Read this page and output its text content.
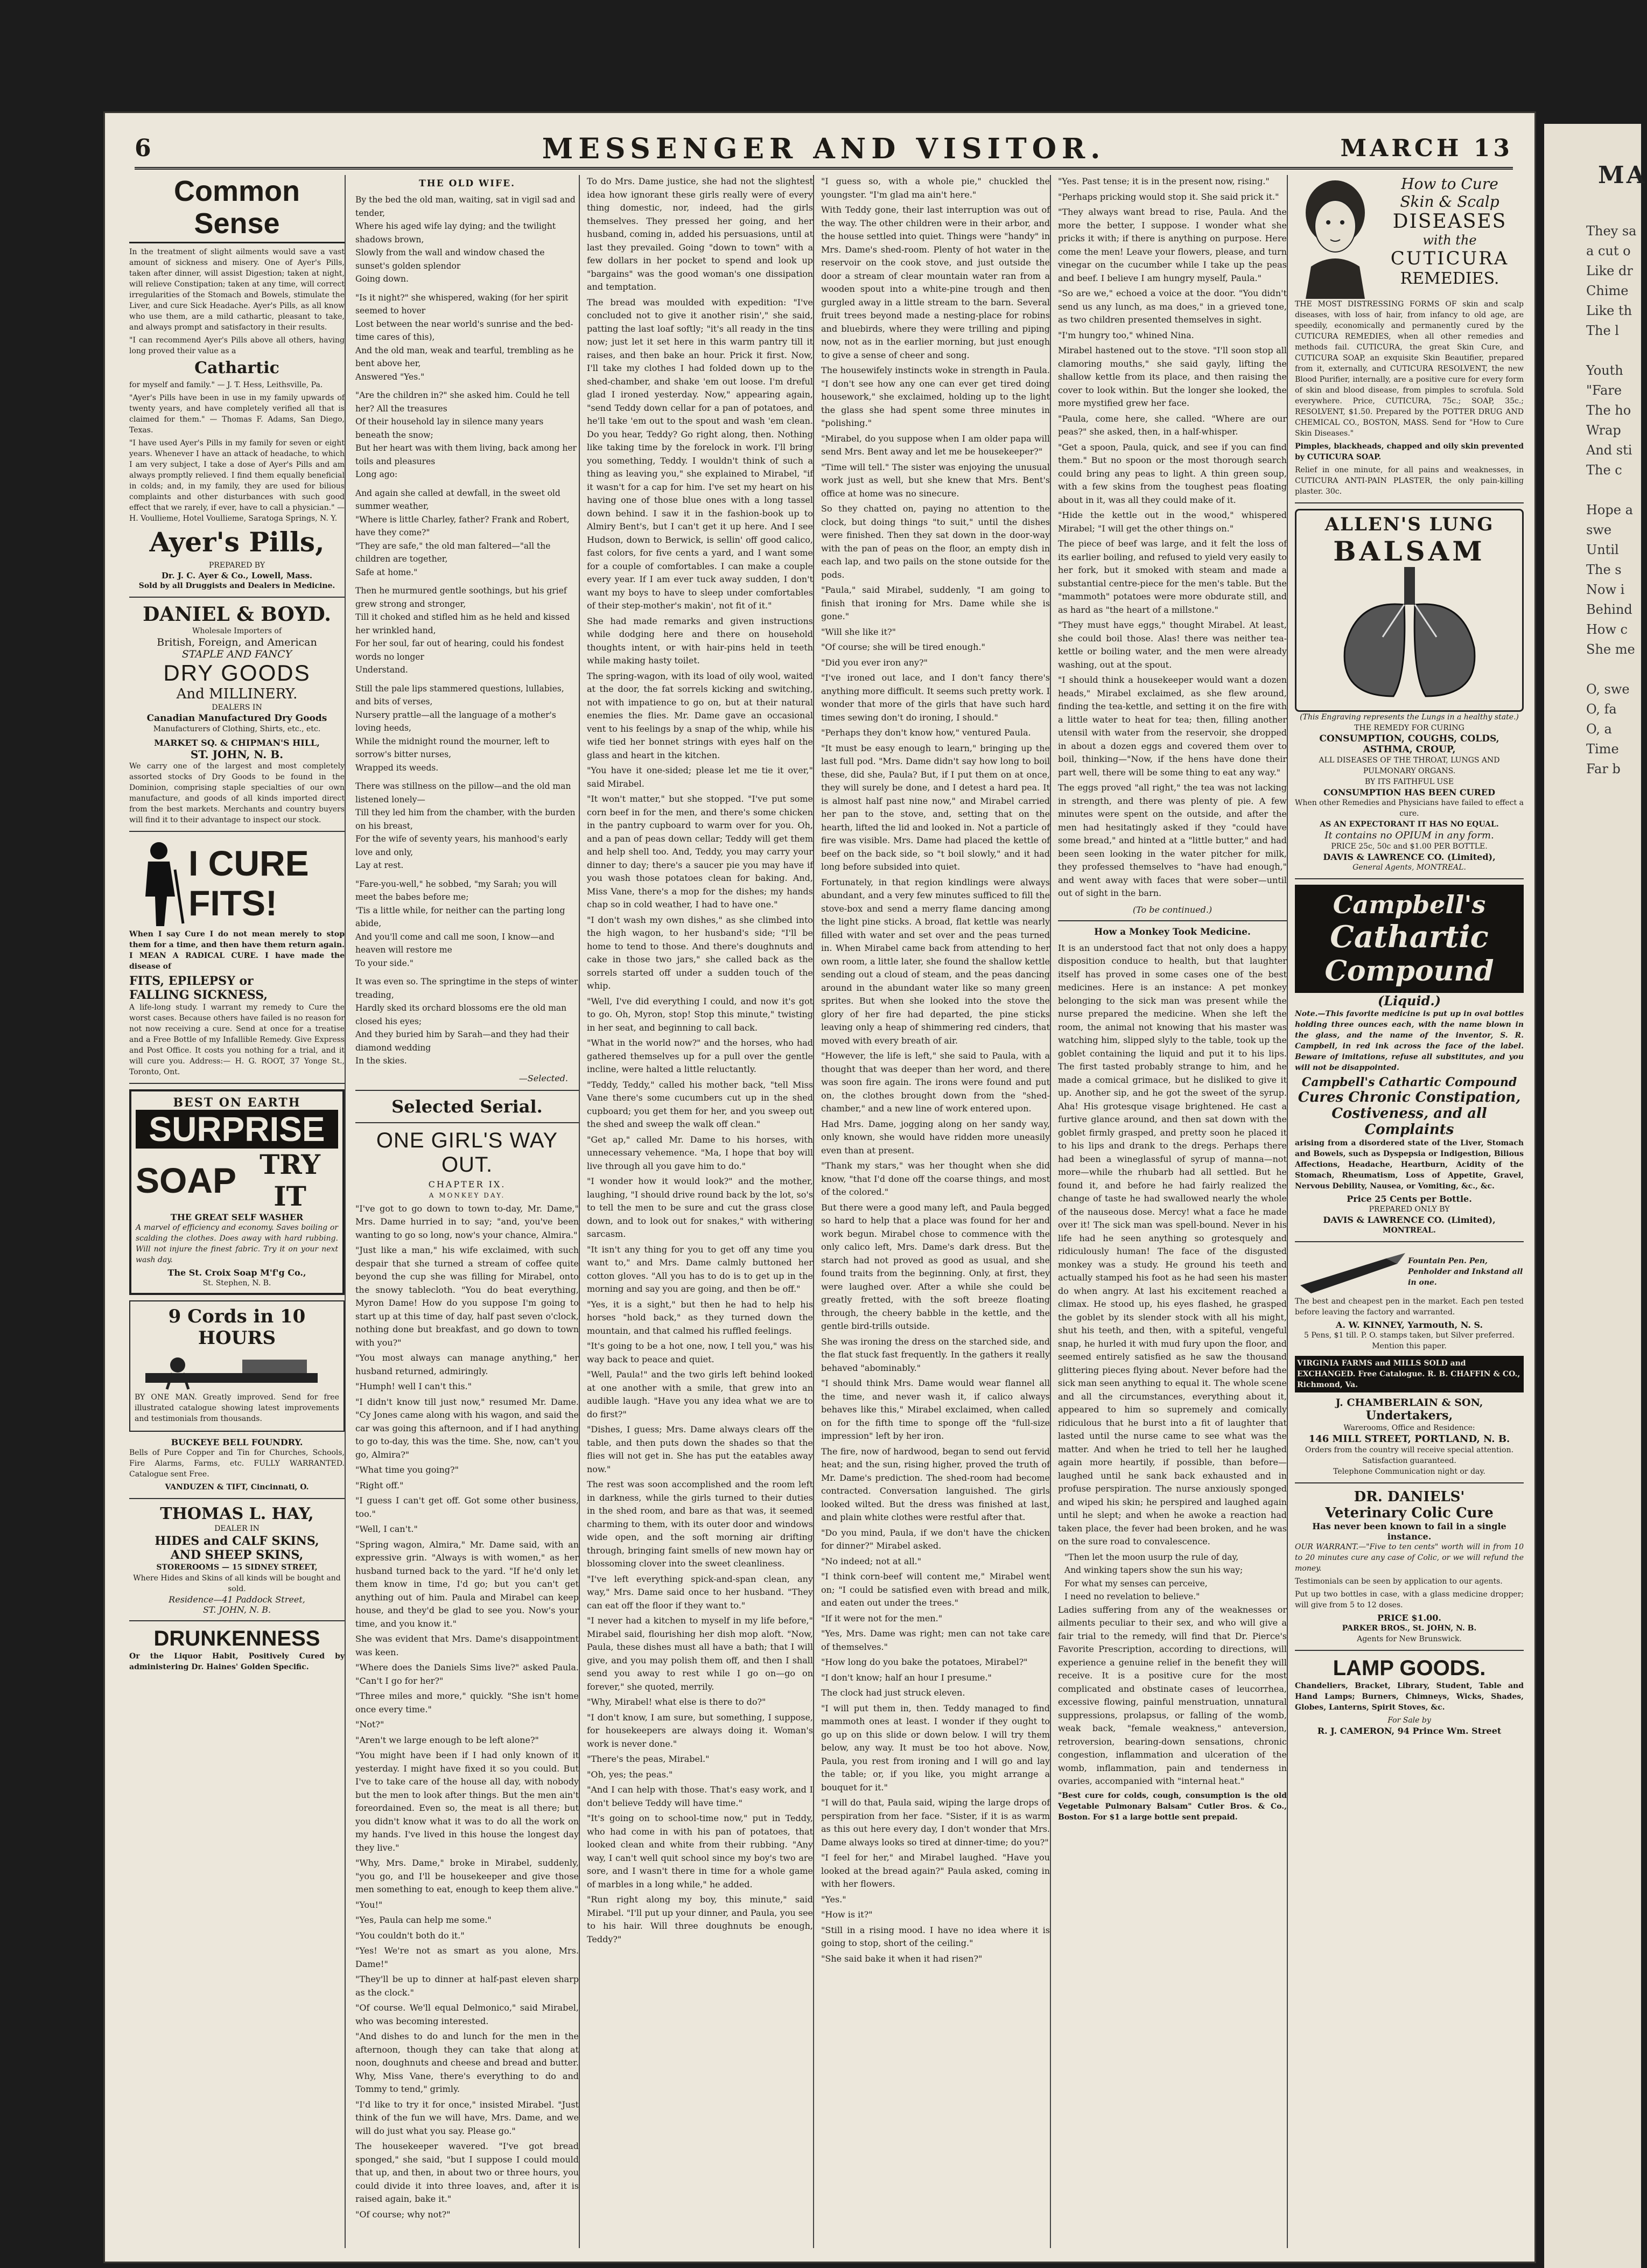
6	MESSENGER AND VISITOR.	MARCH 13
Common Sense

In the treatment of slight ailments would save a vast amount of sickness and misery. One of Ayer's Pills, taken after dinner, will assist Digestion; taken at night, will relieve Constipation; taken at any time, will correct irregularities of the Stomach and Bowels, stimulate the Liver, and cure Sick Headache. Ayer's Pills, as all know who use them, are a mild cathartic, pleasant to take, and always prompt and satisfactory in their results.

"I can recommend Ayer's Pills above all others, having long proved their value as a

Cathartic

for myself and family." — J. T. Hess, Leithsville, Pa.

"Ayer's Pills have been in use in my family upwards of twenty years, and have completely verified all that is claimed for them." — Thomas F. Adams, San Diego, Texas.

"I have used Ayer's Pills in my family for seven or eight years. Whenever I have an attack of headache, to which I am very subject, I take a dose of Ayer's Pills and am always promptly relieved. I find them equally beneficial in colds; and, in my family, they are used for bilious complaints and other disturbances with such good effect that we rarely, if ever, have to call a physician." — H. Voullieme, Hotel Voullieme, Saratoga Springs, N. Y.

Ayer's Pills,
PREPARED BY
Dr. J. C. Ayer & Co., Lowell, Mass.
Sold by all Druggists and Dealers in Medicine.
DANIEL & BOYD.
Wholesale Importers of
British, Foreign, and American
STAPLE AND FANCY
DRY GOODS
And MILLINERY.
DEALERS IN
Canadian Manufactured Dry Goods
Manufacturers of Clothing, Shirts, etc., etc.
MARKET SQ. & CHIPMAN'S HILL,
ST. JOHN, N. B.

We carry one of the largest and most completely assorted stocks of Dry Goods to be found in the Dominion, comprising staple specialties of our own manufacture, and goods of all kinds imported direct from the best markets. Merchants and country buyers will find it to their advantage to inspect our stock.

I CURE FITS!

When I say Cure I do not mean merely to stop them for a time, and then have them return again. I MEAN A RADICAL CURE. I have made the disease of

FITS, EPILEPSY or
FALLING SICKNESS,

A life-long study. I warrant my remedy to Cure the worst cases. Because others have failed is no reason for not now receiving a cure. Send at once for a treatise and a Free Bottle of my Infallible Remedy. Give Express and Post Office. It costs you nothing for a trial, and it will cure you. Address:— H. G. ROOT, 37 Yonge St., Toronto, Ont.

BEST ON EARTH
SURPRISE
SOAP TRY IT
THE GREAT SELF WASHER

A marvel of efficiency and economy. Saves boiling or scalding the clothes. Does away with hard rubbing. Will not injure the finest fabric. Try it on your next wash day.

The St. Croix Soap M'f'g Co.,
St. Stephen, N. B.
9 Cords in 10 HOURS

BY ONE MAN. Greatly improved. Send for free illustrated catalogue showing latest improvements and testimonials from thousands.

BUCKEYE BELL FOUNDRY.

Bells of Pure Copper and Tin for Churches, Schools, Fire Alarms, Farms, etc. FULLY WARRANTED. Catalogue sent Free.

VANDUZEN & TIFT, Cincinnati, O.
THOMAS L. HAY,
DEALER IN
HIDES and CALF SKINS,
AND SHEEP SKINS,
STOREROOMS — 15 SIDNEY STREET,
Where Hides and Skins of all kinds will be bought and sold.
Residence—41 Paddock Street,
ST. JOHN, N. B.
DRUNKENNESS

Or the Liquor Habit, Positively Cured by administering Dr. Haines' Golden Specific.

THE OLD WIFE.

By the bed the old man, waiting, sat in vigil sad and tender,
Where his aged wife lay dying; and the twilight shadows brown,
Slowly from the wall and window chased the sunset's golden splendor
Going down.

"Is it night?" she whispered, waking (for her spirit seemed to hover
Lost between the near world's sunrise and the bed-time cares of this),
And the old man, weak and tearful, trembling as he bent above her,
Answered "Yes."

"Are the children in?" she asked him. Could he tell her? All the treasures
Of their household lay in silence many years beneath the snow;
But her heart was with them living, back among her toils and pleasures
Long ago:

And again she called at dewfall, in the sweet old summer weather,
"Where is little Charley, father? Frank and Robert, have they come?"
"They are safe," the old man faltered—"all the children are together,
Safe at home."

Then he murmured gentle soothings, but his grief grew strong and stronger,
Till it choked and stifled him as he held and kissed her wrinkled hand,
For her soul, far out of hearing, could his fondest words no longer
Understand.

Still the pale lips stammered questions, lullabies, and bits of verses,
Nursery prattle—all the language of a mother's loving heeds,
While the midnight round the mourner, left to sorrow's bitter nurses,
Wrapped its weeds.

There was stillness on the pillow—and the old man listened lonely—
Till they led him from the chamber, with the burden on his breast,
For the wife of seventy years, his manhood's early love and only,
Lay at rest.

"Fare-you-well," he sobbed, "my Sarah; you will meet the babes before me;
'Tis a little while, for neither can the parting long abide,
And you'll come and call me soon, I know—and heaven will restore me
To your side."

It was even so. The springtime in the steps of winter treading,
Hardly sked its orchard blossoms ere the old man closed his eyes;
And they buried him by Sarah—and they had their diamond wedding
In the skies.

—Selected.
Selected Serial.
ONE GIRL'S WAY OUT.
CHAPTER IX.
A MONKEY DAY.

"I've got to go down to town to-day, Mr. Dame," Mrs. Dame hurried in to say; "and, you've been wanting to go so long, now's your chance, Almira."

"Just like a man," his wife exclaimed, with such despair that she turned a stream of coffee quite beyond the cup she was filling for Mirabel, onto the snowy tablecloth. "You do beat everything, Myron Dame! How do you suppose I'm going to start up at this time of day, half past seven o'clock, nothing done but breakfast, and go down to town with you?"

"You most always can manage anything," her husband returned, admiringly.

"Humph! well I can't this."

"I didn't know till just now," resumed Mr. Dame. "Cy Jones came along with his wagon, and said the car was going this afternoon, and if I had anything to go to-day, this was the time. She, now, can't you go, Almira?"

"What time you going?"

"Right off."

"I guess I can't get off. Got some other business, too."

"Well, I can't."

"Spring wagon, Almira," Mr. Dame said, with an expressive grin. "Always is with women," as her husband turned back to the yard. "If he'd only let them know in time, I'd go; but you can't get anything out of him. Paula and Mirabel can keep house, and they'd be glad to see you. Now's your time, and you know it."

She was evident that Mrs. Dame's disappointment was keen.

"Where does the Daniels Sims live?" asked Paula. "Can't I go for her?"

"Three miles and more," quickly. "She isn't home once every time."

"Not?"

"Aren't we large enough to be left alone?"

"You might have been if I had only known of it yesterday. I might have fixed it so you could. But I've to take care of the house all day, with nobody but the men to look after things. But the men ain't foreordained. Even so, the meat is all there; but you didn't know what it was to do all the work on my hands. I've lived in this house the longest day they live."

"Why, Mrs. Dame," broke in Mirabel, suddenly, "you go, and I'll be housekeeper and give those men something to eat, enough to keep them alive."

"You!"

"Yes, Paula can help me some."

"You couldn't both do it."

"Yes! We're not as smart as you alone, Mrs. Dame!"

"They'll be up to dinner at half-past eleven sharp as the clock."

"Of course. We'll equal Delmonico," said Mirabel, who was becoming interested.

"And dishes to do and lunch for the men in the afternoon, though they can take that along at noon, doughnuts and cheese and bread and butter. Why, Miss Vane, there's everything to do and Tommy to tend," grimly.

"I'd like to try it for once," insisted Mirabel. "Just think of the fun we will have, Mrs. Dame, and we will do just what you say. Please go."

The housekeeper wavered. "I've got bread sponged," she said, "but I suppose I could mould that up, and then, in about two or three hours, you could divide it into three loaves, and, after it is raised again, bake it."

"Of course; why not?"

To do Mrs. Dame justice, she had not the slightest idea how ignorant these girls really were of every thing domestic, nor, indeed, had the girls themselves. They pressed her going, and her husband, coming in, added his persuasions, until at last they prevailed. Going "down to town" with a few dollars in her pocket to spend and look up "bargains" was the good woman's one dissipation and temptation.

The bread was moulded with expedition: "I've concluded not to give it another risin'," she said, patting the last loaf softly; "it's all ready in the tins now; just let it set here in this warm pantry till it raises, and then bake an hour. Prick it first. Now, I'll take my clothes I had folded down up to the shed-chamber, and shake 'em out loose. I'm dreful glad I ironed yesterday. Now," appearing again, "send Teddy down cellar for a pan of potatoes, and he'll take 'em out to the spout and wash 'em clean. Do you hear, Teddy? Go right along, then. Nothing like taking time by the forelock in work. I'll bring you something, Teddy. I wouldn't think of such a thing as leaving you," she explained to Mirabel, "if it wasn't for a cap for him. I've set my heart on his having one of those blue ones with a long tassel down behind. I saw it in the fashion-book up to Almiry Bent's, but I can't get it up here. And I see Hudson, down to Berwick, is sellin' off good calico, fast colors, for five cents a yard, and I want some for a couple of comfortables. I can make a couple every year. If I am ever tuck away sudden, I don't want my boys to have to sleep under comfortables of their step-mother's makin', not fit of it."

She had made remarks and given instructions while dodging here and there on household thoughts intent, or with hair-pins held in teeth while making hasty toilet.

The spring-wagon, with its load of oily wool, waited at the door, the fat sorrels kicking and switching, not with impatience to go on, but at their natural enemies the flies. Mr. Dame gave an occasional vent to his feelings by a snap of the whip, while his wife tied her bonnet strings with eyes half on the glass and heart in the kitchen.

"You have it one-sided; please let me tie it over," said Mirabel.

"It won't matter," but she stopped. "I've put some corn beef in for the men, and there's some chicken in the pantry cupboard to warm over for you. Oh, and a pan of peas down cellar; Teddy will get them and help shell too. And, Teddy, you may carry your dinner to day; there's a saucer pie you may have if you wash those potatoes clean for baking. And, Miss Vane, there's a mop for the dishes; my hands chap so in cold weather, I had to have one."

"I don't wash my own dishes," as she climbed into the high wagon, to her husband's side; "I'll be home to tend to those. And there's doughnuts and cake in those two jars," she called back as the sorrels started off under a sudden touch of the whip.

"Well, I've did everything I could, and now it's got to go. Oh, Myron, stop! Stop this minute," twisting in her seat, and beginning to call back.

"What in the world now?" and the horses, who had gathered themselves up for a pull over the gentle incline, were halted a little reluctantly.

"Teddy, Teddy," called his mother back, "tell Miss Vane there's some cucumbers cut up in the shed cupboard; you get them for her, and you sweep out the shed and sweep the walk off clean."

"Get ap," called Mr. Dame to his horses, with unnecessary vehemence. "Ma, I hope that boy will live through all you gave him to do."

"I wonder how it would look?" and the mother, laughing, "I should drive round back by the lot, so's to tell the men to be sure and cut the grass close down, and to look out for snakes," with withering sarcasm.

"It isn't any thing for you to get off any time you want to," and Mrs. Dame calmly buttoned her cotton gloves. "All you has to do is to get up in the morning and say you are going, and then be off."

"Yes, it is a sight," but then he had to help his horses "hold back," as they turned down the mountain, and that calmed his ruffled feelings.

"It's going to be a hot one, now, I tell you," was his way back to peace and quiet.

"Well, Paula!" and the two girls left behind looked at one another with a smile, that grew into an audible laugh. "Have you any idea what we are to do first?"

"Dishes, I guess; Mrs. Dame always clears off the table, and then puts down the shades so that the flies will not get in. She has put the eatables away now."

The rest was soon accomplished and the room left in darkness, while the girls turned to their duties in the shed room, and bare as that was, it seemed charming to them, with its outer door and windows wide open, and the soft morning air drifting through, bringing faint smells of new mown hay or blossoming clover into the sweet cleanliness.

"I've left everything spick-and-span clean, any way," Mrs. Dame said once to her husband. "They can eat off the floor if they want to."

"I never had a kitchen to myself in my life before," Mirabel said, flourishing her dish mop aloft. "Now, Paula, these dishes must all have a bath; that I will give, and you may polish them off, and then I shall send you away to rest while I go on—go on forever," she quoted, merrily.

"Why, Mirabel! what else is there to do?"

"I don't know, I am sure, but something, I suppose, for housekeepers are always doing it. Woman's work is never done."

"There's the peas, Mirabel."

"Oh, yes; the peas."

"And I can help with those. That's easy work, and I don't believe Teddy will have time."

"It's going on to school-time now," put in Teddy, who had come in with his pan of potatoes, that looked clean and white from their rubbing. "Any way, I can't well quit school since my boy's two are sore, and I wasn't there in time for a whole game of marbles in a long while," he added.

"Run right along my boy, this minute," said Mirabel. "I'll put up your dinner, and Paula, you see to his hair. Will three doughnuts be enough, Teddy?"

"I guess so, with a whole pie," chuckled the youngster. "I'm glad ma ain't here."

With Teddy gone, their last interruption was out of the way. The other children were in their arbor, and the house settled into quiet. Things were "handy" in Mrs. Dame's shed-room. Plenty of hot water in the reservoir on the cook stove, and just outside the door a stream of clear mountain water ran from a wooden spout into a white-pine trough and then gurgled away in a little stream to the barn. Several fruit trees beyond made a nesting-place for robins and bluebirds, where they were trilling and piping now, not as in the earlier morning, but just enough to give a sense of cheer and song.

The housewifely instincts woke in strength in Paula. "I don't see how any one can ever get tired doing housework," she exclaimed, holding up to the light the glass she had spent some three minutes in "polishing."

"Mirabel, do you suppose when I am older papa will send Mrs. Bent away and let me be housekeeper?"

"Time will tell." The sister was enjoying the unusual work just as well, but she knew that Mrs. Bent's office at home was no sinecure.

So they chatted on, paying no attention to the clock, but doing things "to suit," until the dishes were finished. Then they sat down in the door-way with the pan of peas on the floor, an empty dish in each lap, and two pails on the stone outside for the pods.

"Paula," said Mirabel, suddenly, "I am going to finish that ironing for Mrs. Dame while she is gone."

"Will she like it?"

"Of course; she will be tired enough."

"Did you ever iron any?"

"I've ironed out lace, and I don't fancy there's anything more difficult. It seems such pretty work. I wonder that more of the girls that have such hard times sewing don't do ironing, I should."

"Perhaps they don't know how," ventured Paula.

"It must be easy enough to learn," bringing up the last full pod. "Mrs. Dame didn't say how long to boil these, did she, Paula? But, if I put them on at once, they will surely be done, and I detest a hard pea. It is almost half past nine now," and Mirabel carried her pan to the stove, and, setting that on the hearth, lifted the lid and looked in. Not a particle of fire was visible. Mrs. Dame had placed the kettle of beef on the back side, so "t boil slowly," and it had long before subsided into quiet.

Fortunately, in that region kindlings were always abundant, and a very few minutes sufficed to fill the stove-box and send a merry flame dancing among the light pine sticks. A broad, flat kettle was nearly filled with water and set over and the peas turned in. When Mirabel came back from attending to her own room, a little later, she found the shallow kettle sending out a cloud of steam, and the peas dancing around in the abundant water like so many green sprites. But when she looked into the stove the glory of her fire had departed, the pine sticks leaving only a heap of shimmering red cinders, that moved with every breath of air.

"However, the life is left," she said to Paula, with a thought that was deeper than her word, and there was soon fire again. The irons were found and put on, the clothes brought down from the "shed-chamber," and a new line of work entered upon.

Had Mrs. Dame, jogging along on her sandy way, only known, she would have ridden more uneasily even than at present.

"Thank my stars," was her thought when she did know, "that I'd done off the coarse things, and most of the colored."

But there were a good many left, and Paula begged so hard to help that a place was found for her and work begun. Mirabel chose to commence with the only calico left, Mrs. Dame's dark dress. But the starch had not proved as good as usual, and she found traits from the beginning. Only, at first, they were laughed over. After a while she could be greatly fretted, with the soft breeze floating through, the cheery babble in the kettle, and the gentle bird-trills outside.

She was ironing the dress on the starched side, and the flat stuck fast frequently. In the gathers it really behaved "abominably."

"I should think Mrs. Dame would wear flannel all the time, and never wash it, if calico always behaves like this," Mirabel exclaimed, when called on for the fifth time to sponge off the "full-size impression" left by her iron.

The fire, now of hardwood, began to send out fervid heat; and the sun, rising higher, proved the truth of Mr. Dame's prediction. The shed-room had become contracted. Conversation languished. The girls looked wilted. But the dress was finished at last, and plain white clothes were restful after that.

"Do you mind, Paula, if we don't have the chicken for dinner?" Mirabel asked.

"No indeed; not at all."

"I think corn-beef will content me," Mirabel went on; "I could be satisfied even with bread and milk, and eaten out under the trees."

"If it were not for the men."

"Yes, Mrs. Dame was right; men can not take care of themselves."

"How long do you bake the potatoes, Mirabel?"

"I don't know; half an hour I presume."

The clock had just struck eleven.

"I will put them in, then. Teddy managed to find mammoth ones at least. I wonder if they ought to go up on this slide or down below. I will try them below, any way. It must be too hot above. Now, Paula, you rest from ironing and I will go and lay the table; or, if you like, you might arrange a bouquet for it."

"I will do that, Paula said, wiping the large drops of perspiration from her face. "Sister, if it is as warm as this out here every day, I don't wonder that Mrs. Dame always looks so tired at dinner-time; do you?"

"I feel for her," and Mirabel laughed. "Have you looked at the bread again?" Paula asked, coming in with her flowers.

"Yes."

"How is it?"

"Still in a rising mood. I have no idea where it is going to stop, short of the ceiling."

"She said bake it when it had risen?"

"Yes. Past tense; it is in the present now, rising."

"Perhaps pricking would stop it. She said prick it."

"They always want bread to rise, Paula. And the more the better, I suppose. I wonder what she pricks it with; if there is anything on purpose. Here come the men! Leave your flowers, please, and turn vinegar on the cucumber while I take up the peas and beef. I believe I am hungry myself, Paula."

"So are we," echoed a voice at the door. "You didn't send us any lunch, as ma does," in a grieved tone, as two children presented themselves in sight.

"I'm hungry too," whined Nina.

Mirabel hastened out to the stove. "I'll soon stop all clamoring mouths," she said gayly, lifting the shallow kettle from its place, and then raising the cover to look within. But the longer she looked, the more mystified grew her face.

"Paula, come here, she called. "Where are our peas?" she asked, then, in a half-whisper.

"Get a spoon, Paula, quick, and see if you can find them." But no spoon or the most thorough search could bring any peas to light. A thin green soup, with a few skins from the toughest peas floating about in it, was all they could make of it.

"Hide the kettle out in the wood," whispered Mirabel; "I will get the other things on."

The piece of beef was large, and it felt the loss of its earlier boiling, and refused to yield very easily to her fork, but it smoked with steam and made a substantial centre-piece for the men's table. But the "mammoth" potatoes were more obdurate still, and as hard as "the heart of a millstone."

"They must have eggs," thought Mirabel. At least, she could boil those. Alas! there was neither tea-kettle or boiling water, and the men were already washing, out at the spout.

"I should think a housekeeper would want a dozen heads," Mirabel exclaimed, as she flew around, finding the tea-kettle, and setting it on the fire with a little water to heat for tea; then, filling another utensil with water from the reservoir, she dropped in about a dozen eggs and covered them over to boil, thinking—"Now, if the hens have done their part well, there will be some thing to eat any way."

The eggs proved "all right," the tea was not lacking in strength, and there was plenty of pie. A few minutes were spent on the outside, and after the men had hesitatingly asked if they "could have some bread," and hinted at a "little butter," and had been seen looking in the water pitcher for milk, they professed themselves to "have had enough," and went away with faces that were sober—until out of sight in the barn.

(To be continued.)
How a Monkey Took Medicine.

It is an understood fact that not only does a happy disposition conduce to health, but that laughter itself has proved in some cases one of the best medicines. Here is an instance: A pet monkey belonging to the sick man was present while the nurse prepared the medicine. When she left the room, the animal not knowing that his master was watching him, slipped slyly to the table, took up the goblet containing the liquid and put it to his lips. The first tasted probably strange to him, and he made a comical grimace, but he disliked to give it up. Another sip, and he got the sweet of the syrup. Aha! His grotesque visage brightened. He cast a furtive glance around, and then sat down with the goblet firmly grasped, and pretty soon he placed it to his lips and drank to the dregs. Perhaps there had been a wineglassful of syrup of manna—not more—while the rhubarb had all settled. But he found it, and before he had fairly realized the change of taste he had swallowed nearly the whole of the nauseous dose. Mercy! what a face he made over it! The sick man was spell-bound. Never in his life had he seen anything so grotesquely and ridiculously human! The face of the disgusted monkey was a study. He ground his teeth and actually stamped his foot as he had seen his master do when angry. At last his excitement reached a climax. He stood up, his eyes flashed, he grasped the goblet by its slender stock with all his might, shut his teeth, and then, with a spiteful, vengeful snap, he hurled it with mud fury upon the floor, and seemed entirely satisfied as he saw the thousand glittering pieces flying about. Never before had the sick man seen anything to equal it. The whole scene and all the circumstances, everything about it, appeared to him so supremely and comically ridiculous that he burst into a fit of laughter that lasted until the nurse came to see what was the matter. And when he tried to tell her he laughed again more heartily, if possible, than before—laughed until he sank back exhausted and in profuse perspiration. The nurse anxiously sponged and wiped his skin; he perspired and laughed again until he slept; and when he awoke a reaction had taken place, the fever had been broken, and he was on the sure road to convalescence.

"Then let the moon usurp the rule of day,
And winking tapers show the sun his way;
For what my senses can perceive,
I need no revelation to believe."

Ladies suffering from any of the weaknesses or ailments peculiar to their sex, and who will give a fair trial to the remedy, will find that Dr. Pierce's Favorite Prescription, according to directions, will experience a genuine relief in the benefit they will receive. It is a positive cure for the most complicated and obstinate cases of leucorrhea, excessive flowing, painful menstruation, unnatural suppressions, prolapsus, or falling of the womb, weak back, "female weakness," anteversion, retroversion, bearing-down sensations, chronic congestion, inflammation and ulceration of the womb, inflammation, pain and tenderness in ovaries, accompanied with "internal heat."

"Best cure for colds, cough, consumption is the old Vegetable Pulmonary Balsam" Cutler Bros. & Co., Boston. For $1 a large bottle sent prepaid.

How to Cure
Skin & Scalp
DISEASES
with the
CUTICURA
REMEDIES.

THE MOST DISTRESSING FORMS OF skin and scalp diseases, with loss of hair, from infancy to old age, are speedily, economically and permanently cured by the CUTICURA REMEDIES, when all other remedies and methods fail. CUTICURA, the great Skin Cure, and CUTICURA SOAP, an exquisite Skin Beautifier, prepared from it, externally, and CUTICURA RESOLVENT, the new Blood Purifier, internally, are a positive cure for every form of skin and blood disease, from pimples to scrofula. Sold everywhere. Price, CUTICURA, 75c.; SOAP, 35c.; RESOLVENT, $1.50. Prepared by the POTTER DRUG AND CHEMICAL CO., BOSTON, MASS. Send for "How to Cure Skin Diseases."

Pimples, blackheads, chapped and oily skin prevented by CUTICURA SOAP.

Relief in one minute, for all pains and weaknesses, in CUTICURA ANTI-PAIN PLASTER, the only pain-killing plaster. 30c.

ALLEN'S LUNG
BALSAM
(This Engraving represents the Lungs in a healthy state.)
THE REMEDY FOR CURING
CONSUMPTION, COUGHS, COLDS,
ASTHMA, CROUP,
ALL DISEASES OF THE THROAT, LUNGS AND PULMONARY ORGANS.
BY ITS FAITHFUL USE
CONSUMPTION HAS BEEN CURED
When other Remedies and Physicians have failed to effect a cure.
AS AN EXPECTORANT IT HAS NO EQUAL.
It contains no OPIUM in any form.
PRICE 25c, 50c and $1.00 PER BOTTLE.
DAVIS & LAWRENCE CO. (Limited),
General Agents, MONTREAL.
Campbell's
Cathartic
Compound
(Liquid.)

Note.—This favorite medicine is put up in oval bottles holding three ounces each, with the name blown in the glass, and the name of the inventor, S. R. Campbell, in red ink across the face of the label. Beware of imitations, refuse all substitutes, and you will not be disappointed.

Campbell's Cathartic Compound
Cures Chronic Constipation,
Costiveness, and all Complaints

arising from a disordered state of the Liver, Stomach and Bowels, such as Dyspepsia or Indigestion, Bilious Affections, Headache, Heartburn, Acidity of the Stomach, Rheumatism, Loss of Appetite, Gravel, Nervous Debility, Nausea, or Vomiting, &c., &c.

Price 25 Cents per Bottle.
PREPARED ONLY BY
DAVIS & LAWRENCE CO. (Limited),
MONTREAL.
Fountain Pen. Pen, Penholder and Inkstand all in one.

The best and cheapest pen in the market. Each pen tested before leaving the factory and warranted.

A. W. KINNEY, Yarmouth, N. S.
5 Pens, $1 till. P. O. stamps taken, but Silver preferred. Mention this paper.
VIRGINIA FARMS and MILLS SOLD and EXCHANGED. Free Catalogue. R. B. CHAFFIN & CO., Richmond, Va.
J. CHAMBERLAIN & SON,
Undertakers,
Warerooms, Office and Residence:
146 MILL STREET, PORTLAND, N. B.
Orders from the country will receive special attention. Satisfaction guaranteed.
Telephone Communication night or day.
DR. DANIELS'
Veterinary Colic Cure
Has never been known to fail in a single instance.

OUR WARRANT.—"Five to ten cents" worth will in from 10 to 20 minutes cure any case of Colic, or we will refund the money.

Testimonials can be seen by application to our agents.

Put up two bottles in case, with a glass medicine dropper; will give from 5 to 12 doses.

PRICE $1.00.
PARKER BROS., St. JOHN, N. B.
Agents for New Brunswick.
LAMP GOODS.

Chandeliers, Bracket, Library, Student, Table and Hand Lamps; Burners, Chimneys, Wicks, Shades, Globes, Lanterns, Spirit Stoves, &c.

For Sale by
R. J. CAMERON, 94 Prince Wm. Street
MA
They sa
a cut o
Like dr
Chime
Like th
The l

Youth
"Fare
The ho
Wrap
And sti
The c

Hope a
swe
Until
The s
Now i
Behind
How c
She me

O, swe
O, fa
O, a
Time
Far b
